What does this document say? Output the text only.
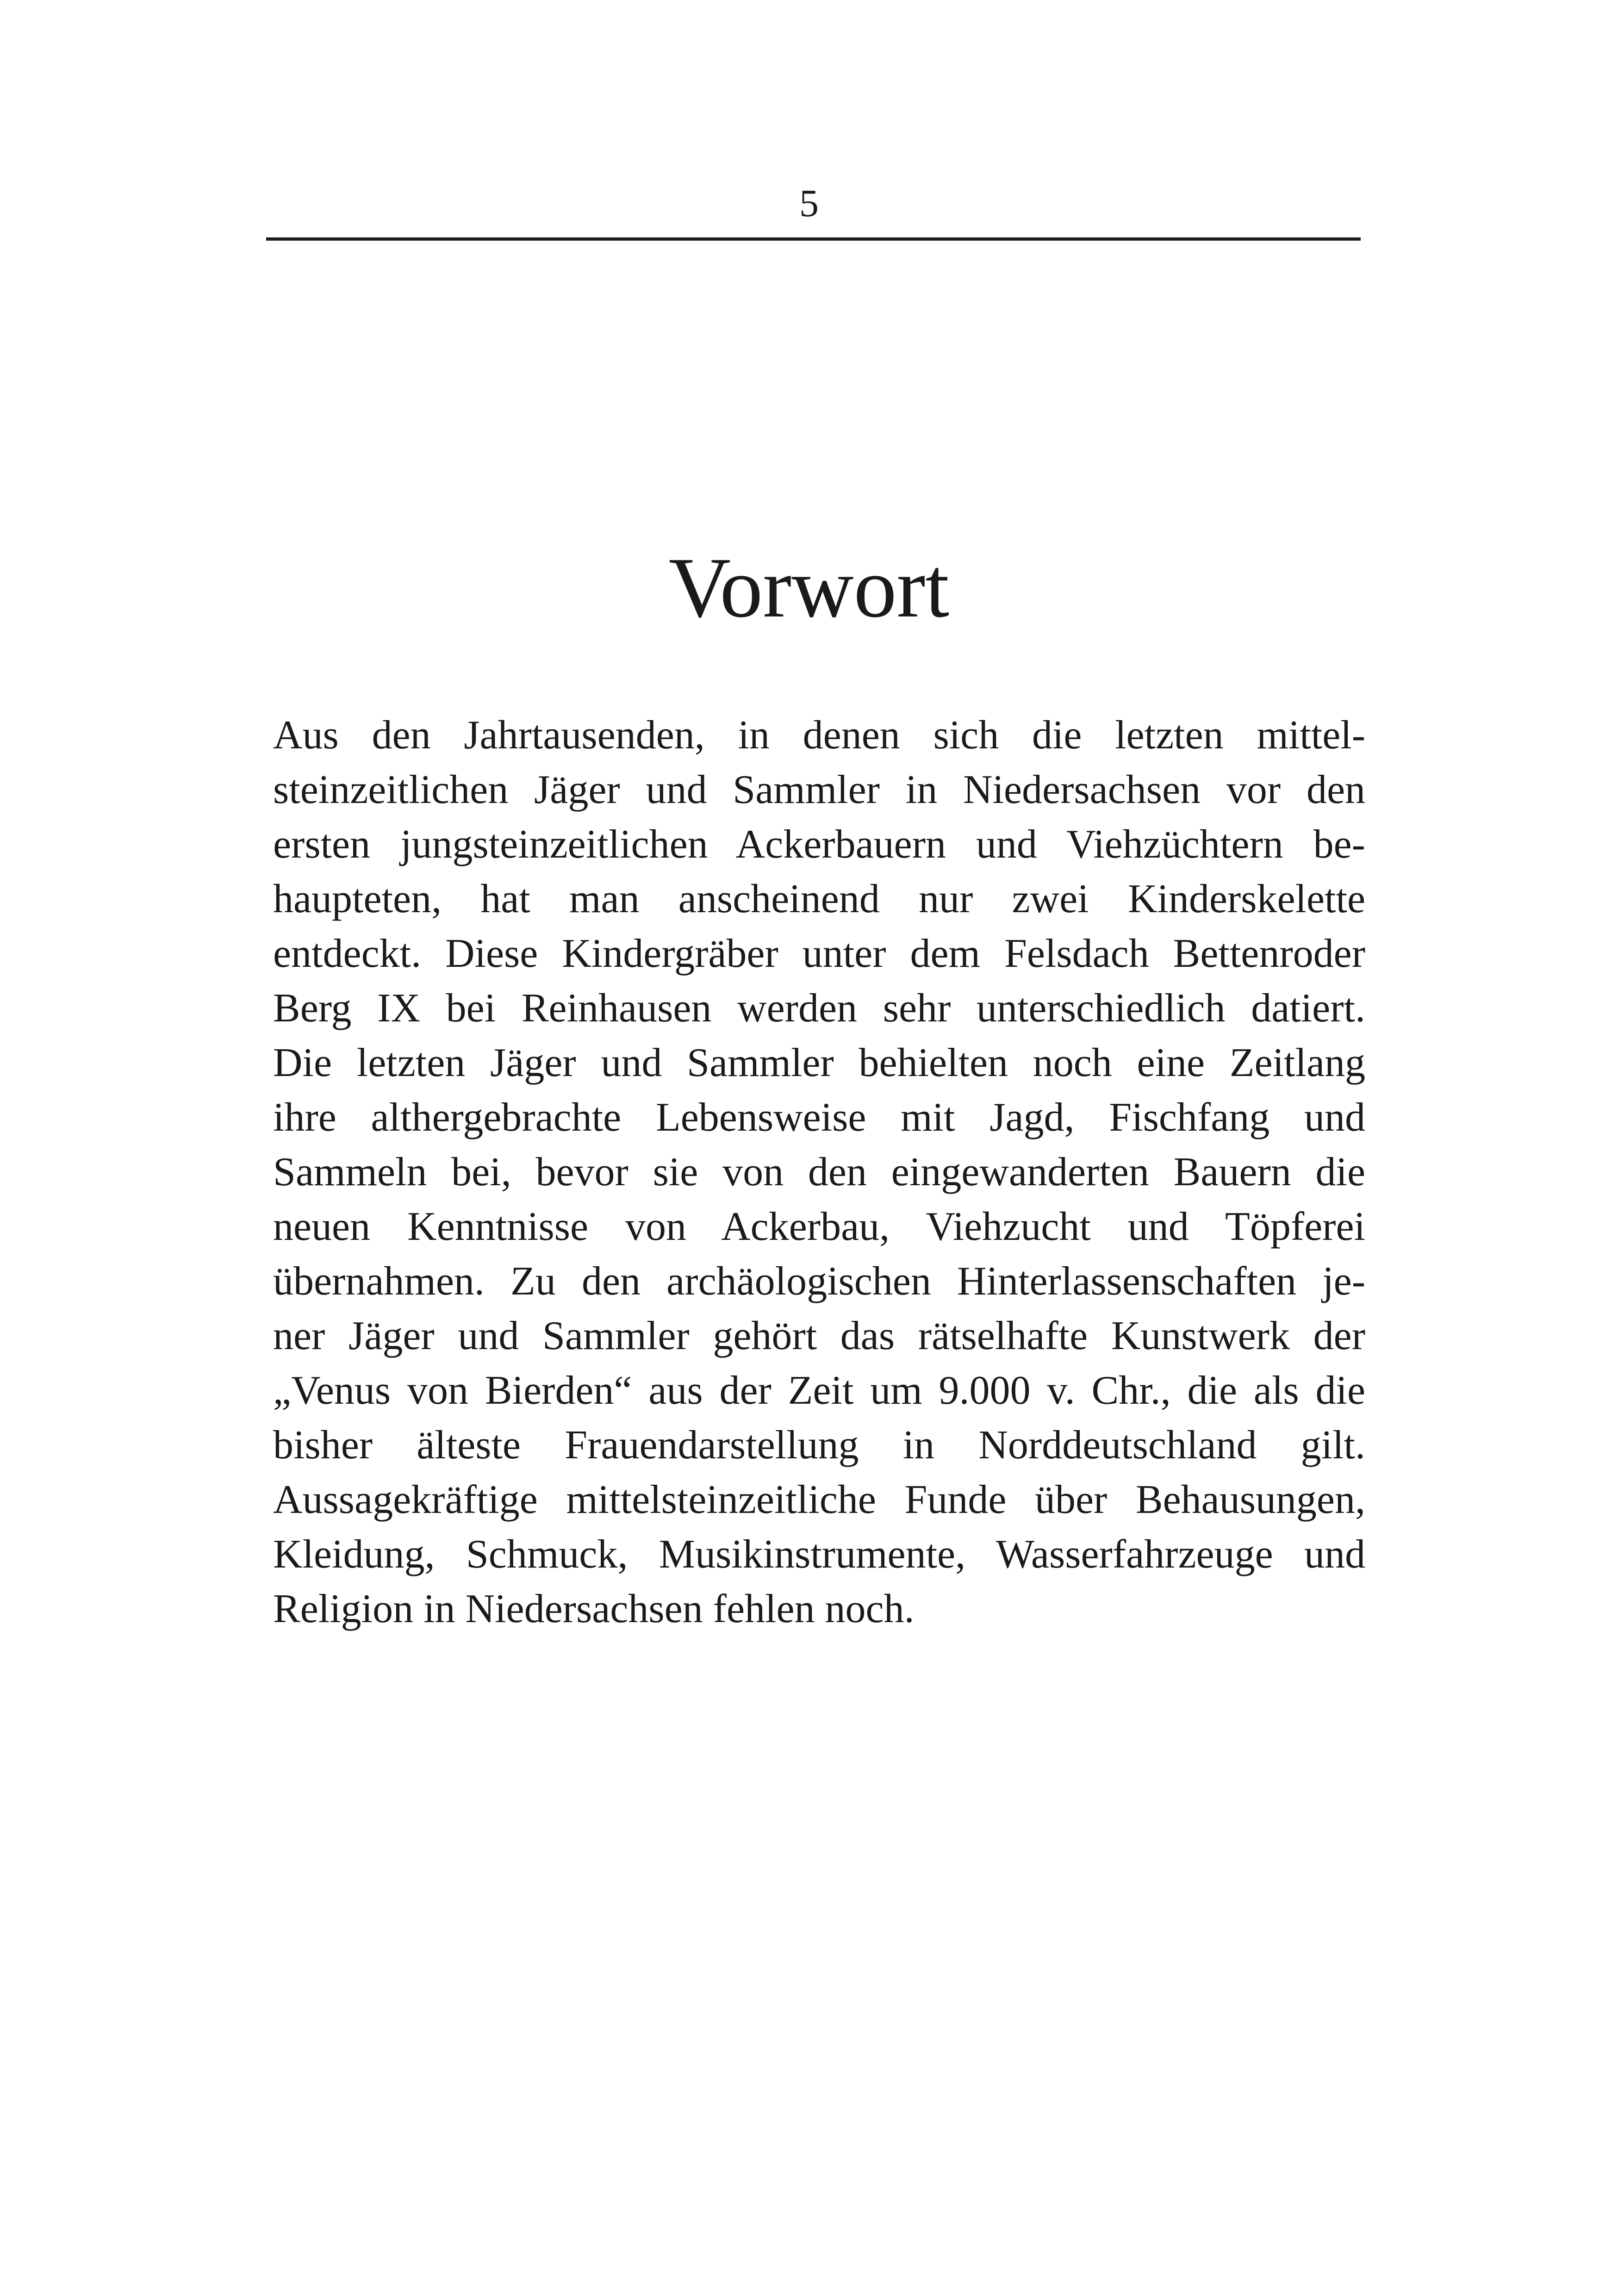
5
Vorwort
Aus den Jahrtausenden, in denen sich die letzten mittel-
steinzeitlichen Jäger und Sammler in Niedersachsen vor den
ersten jungsteinzeitlichen Ackerbauern und Viehzüchtern be-
haupteten, hat man anscheinend nur zwei Kinderskelette
entdeckt. Diese Kindergräber unter dem Felsdach Bettenroder
Berg IX bei Reinhausen werden sehr unterschiedlich datiert.
Die letzten Jäger und Sammler behielten noch eine Zeitlang
ihre althergebrachte Lebensweise mit Jagd, Fischfang und
Sammeln bei, bevor sie von den eingewanderten Bauern die
neuen Kenntnisse von Ackerbau, Viehzucht und Töpferei
übernahmen. Zu den archäologischen Hinterlassenschaften je-
ner Jäger und Sammler gehört das rätselhafte Kunstwerk der
„Venus von Bierden“ aus der Zeit um 9.000 v. Chr., die als die
bisher älteste Frauendarstellung in Norddeutschland gilt.
Aussagekräftige mittelsteinzeitliche Funde über Behausungen,
Kleidung, Schmuck, Musikinstrumente, Wasserfahrzeuge und
Religion in Niedersachsen fehlen noch.
